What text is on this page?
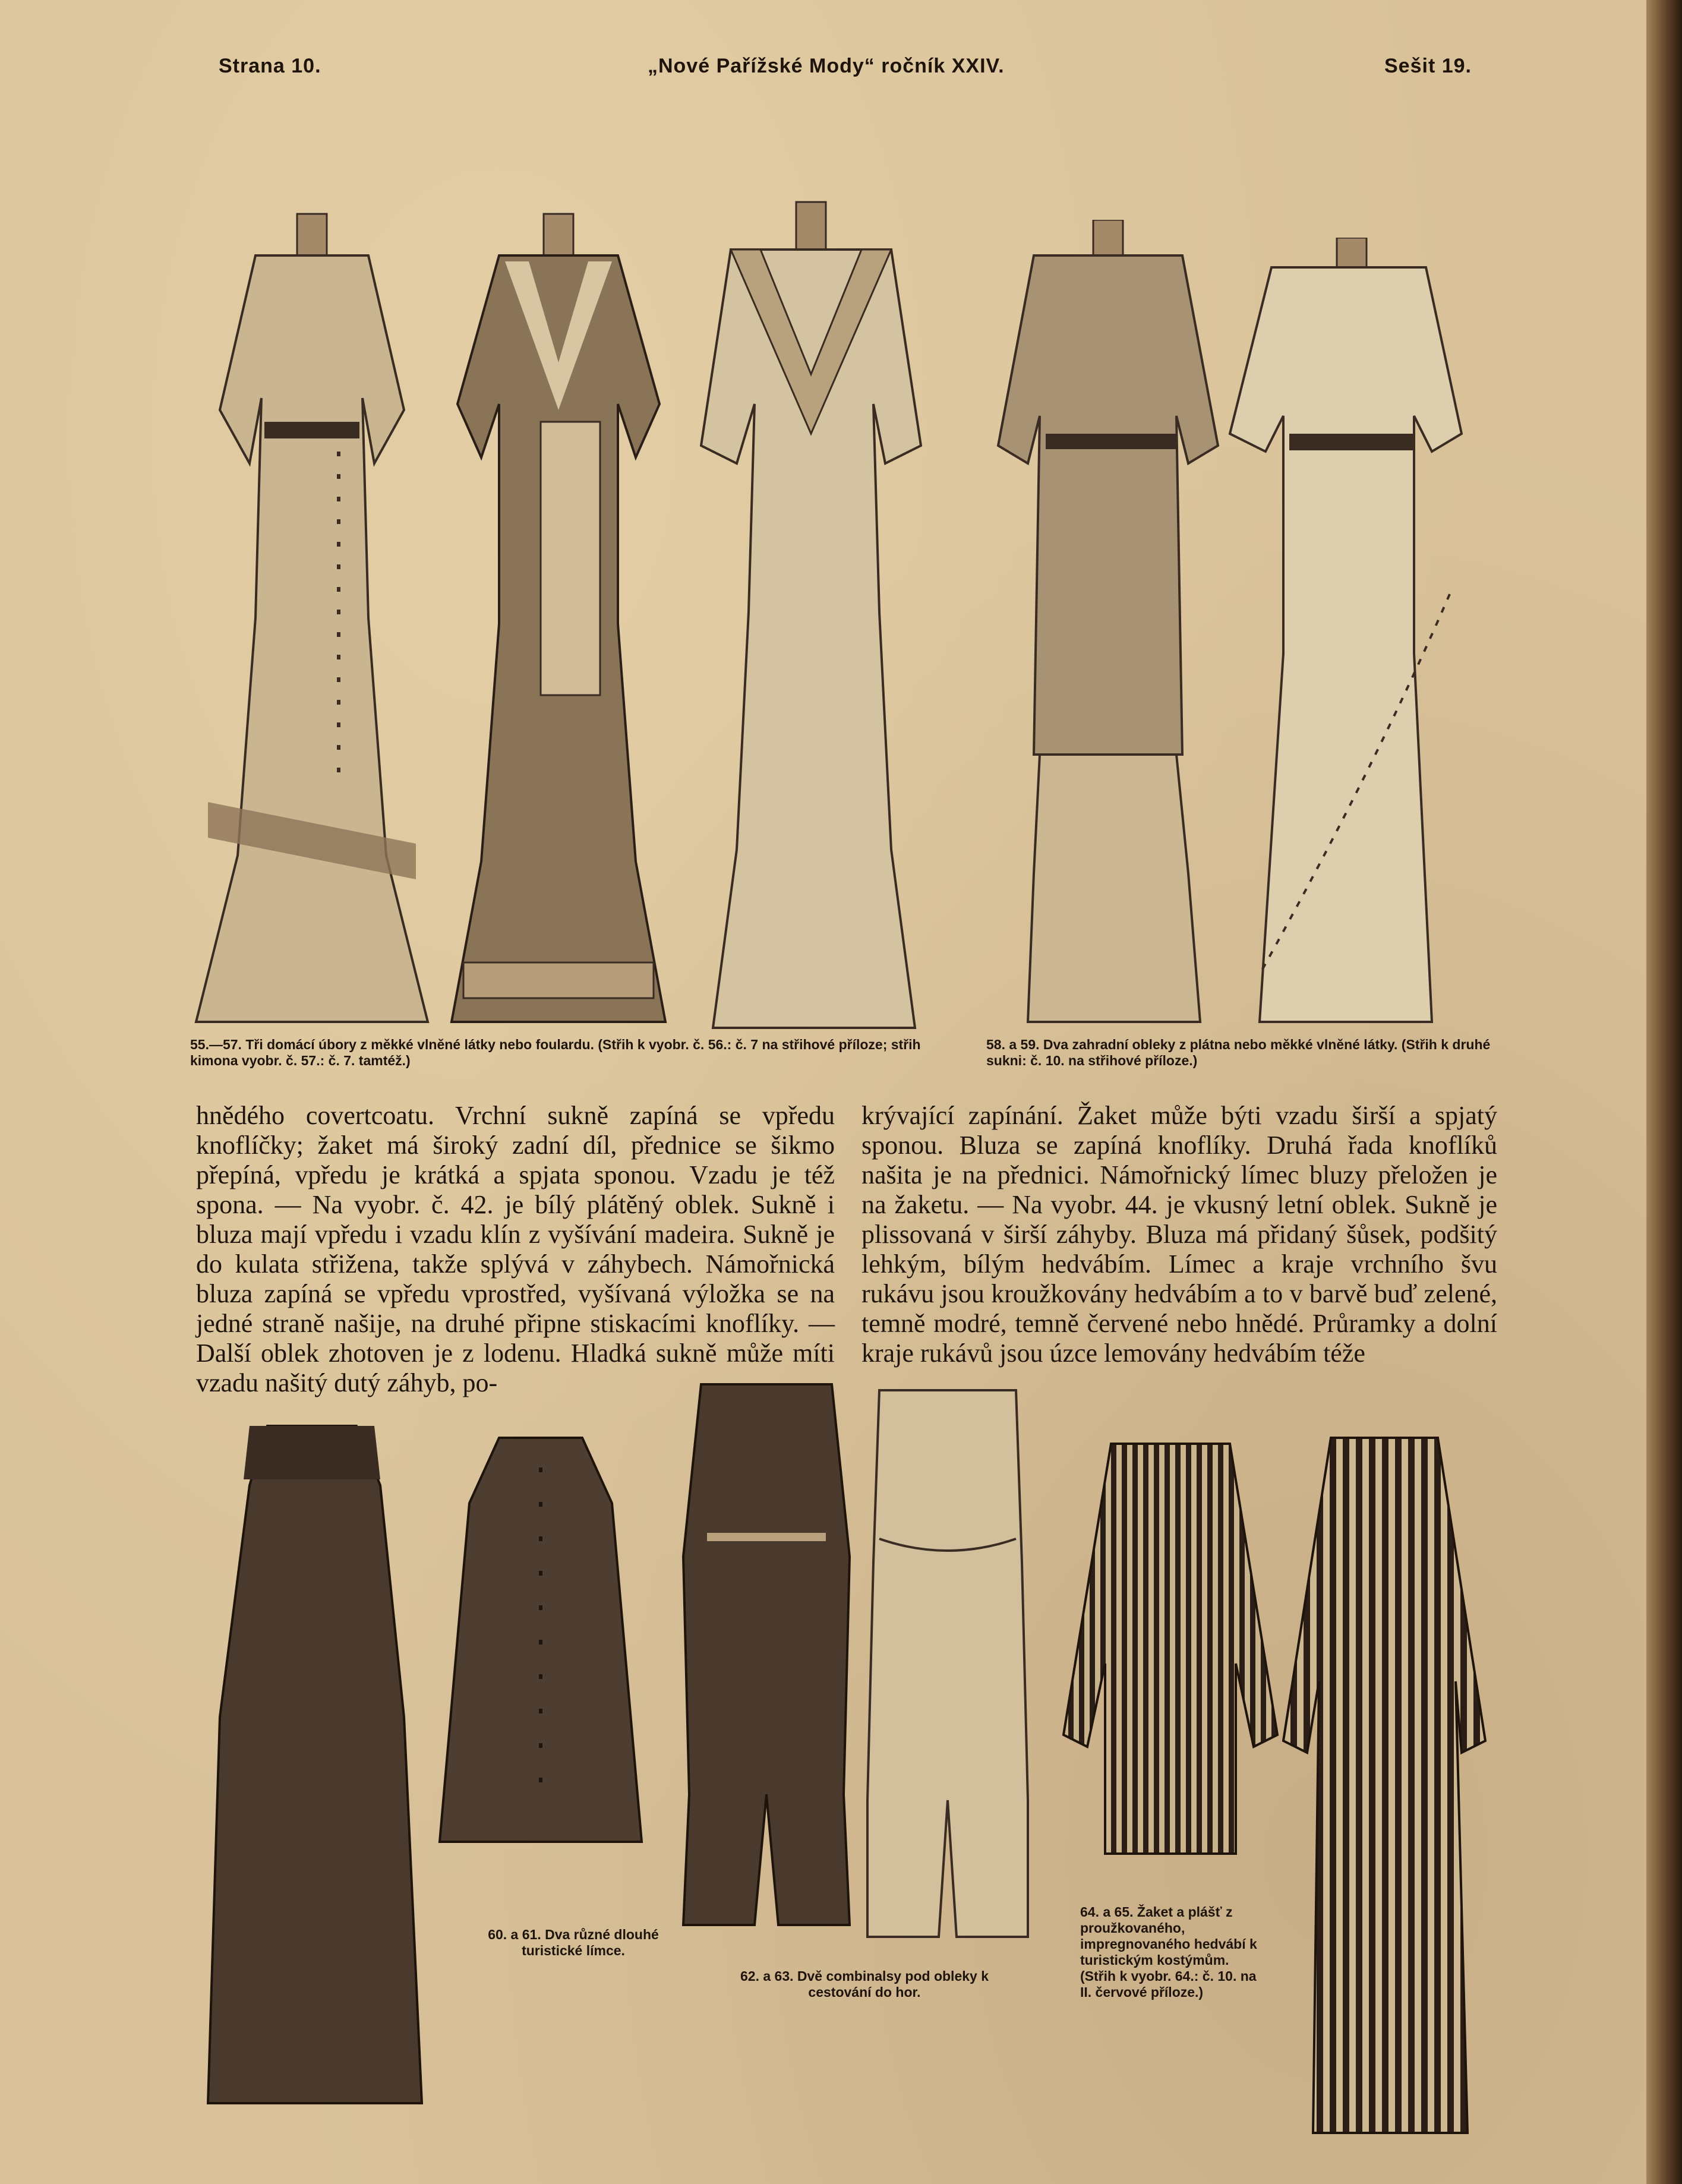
Strana 10.	„Nové Pařížské Mody“ ročník XXIV.	Sešit 19.
55.—57. Tři domácí úbory z měkké vlněné látky nebo foulardu. (Střih k vyobr. č. 56.: č. 7 na střihové příloze; střih kimona vyobr. č. 57.: č. 7. tamtéž.)
58. a 59. Dva zahradní obleky z plátna nebo měkké vlněné látky. (Střih k druhé sukni: č. 10. na střihové příloze.)

hnědého covertcoatu. Vrchní sukně zapíná se vpředu knoflíčky; žaket má široký zadní díl, přednice se šikmo přepíná, vpředu je krátká a spjata sponou. Vzadu je též spona. — Na vyobr. č. 42. je bílý plátěný oblek. Sukně i bluza mají vpředu i vzadu klín z vyšívání madeira. Sukně je do kulata střižena, takže splývá v záhybech. Námořnická bluza zapíná se vpředu vprostřed, vyšívaná výložka se na jedné straně našije, na druhé připne stiskacími knoflíky. — Další oblek zhotoven je z lodenu. Hladká sukně může míti vzadu našitý dutý záhyb, po-

krývající zapínání. Žaket může býti vzadu širší a spjatý sponou. Bluza se zapíná knoflíky. Druhá řada knoflíků našita je na přednici. Námořnický límec bluzy přeložen je na žaketu. — Na vyobr. 44. je vkusný letní oblek. Sukně je plissovaná v širší záhyby. Bluza má přidaný šůsek, podšitý lehkým, bílým hedvábím. Límec a kraje vrchního švu rukávu jsou kroužkovány hedvábím a to v barvě buď zelené, temně modré, temně červené nebo hnědé. Průramky a dolní kraje rukávů jsou úzce lemovány hedvábím téže

60. a 61. Dva různé dlouhé turistické límce.
62. a 63. Dvě combinalsy pod obleky k cestování do hor.
64. a 65. Žaket a plášť z proužkovaného, impregnovaného hedvábí k turistickým kostýmům. (Střih k vyobr. 64.: č. 10. na II. červové příloze.)
